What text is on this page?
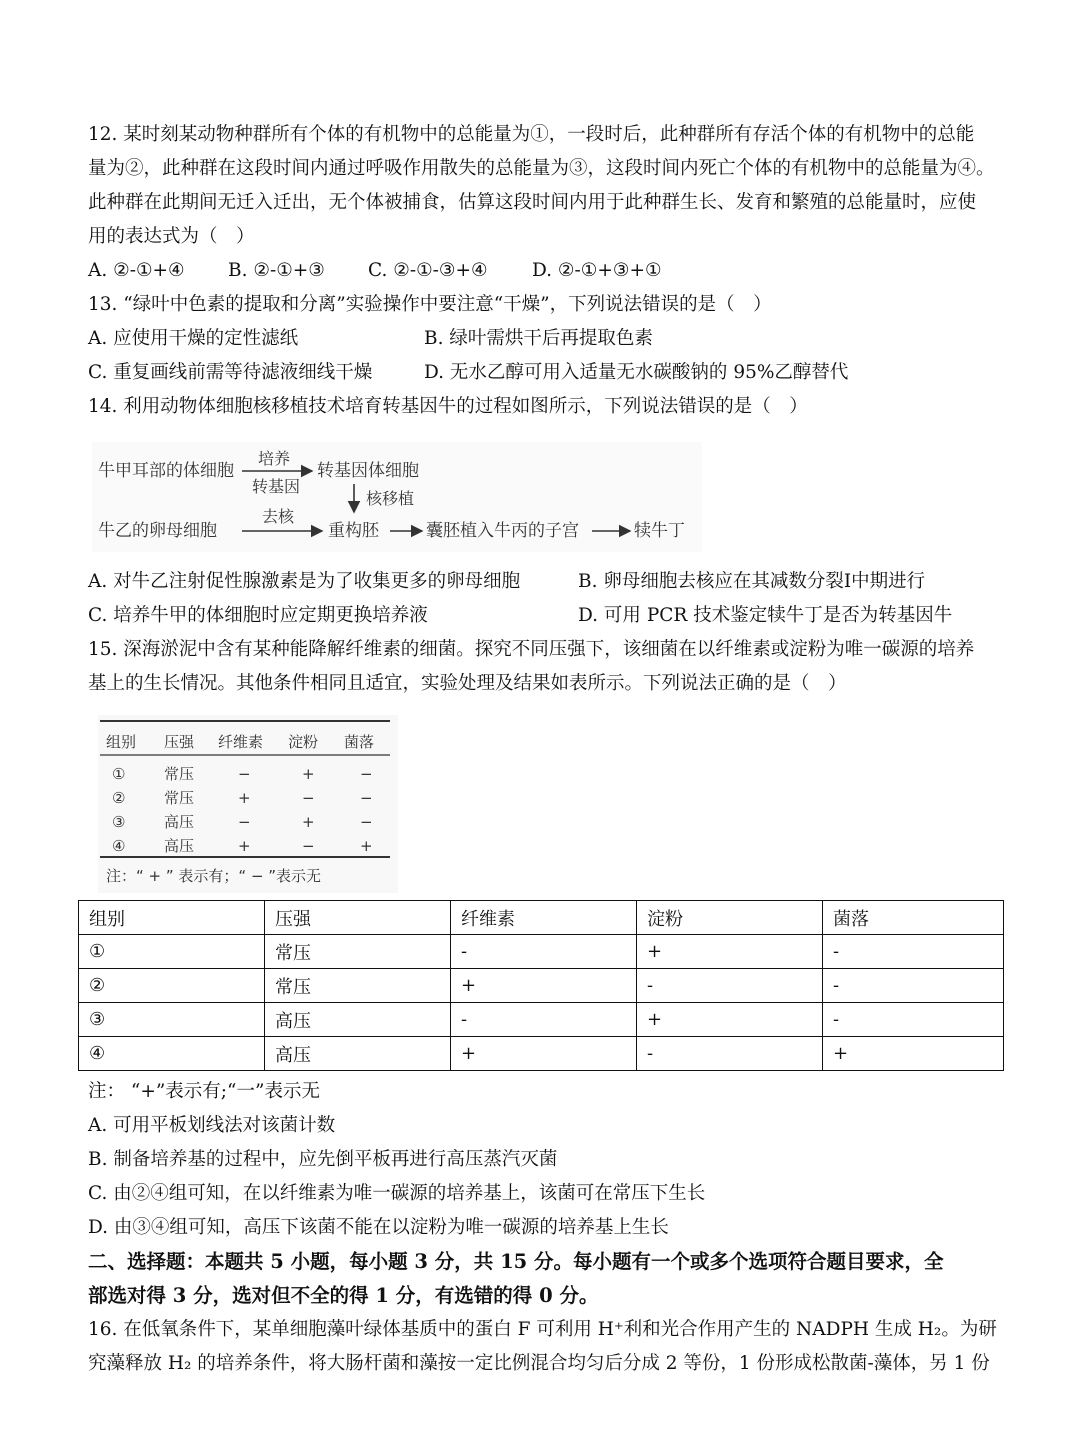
12. 某时刻某动物种群所有个体的有机物中的总能量为①，一段时后，此种群所有存活个体的有机物中的总能
量为②，此种群在这段时间内通过呼吸作用散失的总能量为③，这段时间内死亡个体的有机物中的总能量为④。
此种群在此期间无迁入迁出，无个体被捕食，估算这段时间内用于此种群生长、发育和繁殖的总能量时，应使
用的表达式为（　）
A. ②-①+④ B. ②-①+③ C. ②-①-③+④ D. ②-①+③+①
13. “绿叶中色素的提取和分离”实验操作中要注意“干燥”，下列说法错误的是（　）
A. 应使用干燥的定性滤纸	B. 绿叶需烘干后再提取色素
C. 重复画线前需等待滤液细线干燥	D. 无水乙醇可用入适量无水碳酸钠的 95%乙醇替代
14. 利用动物体细胞核移植技术培育转基因牛的过程如图所示，下列说法错误的是（　）
牛甲耳部的体细胞
培养
转基因
转基因体细胞
核移植
牛乙的卵母细胞
去核
重构胚	囊胚植入牛丙的子宫	犊牛丁
A. 对牛乙注射促性腺激素是为了收集更多的卵母细胞	B. 卵母细胞去核应在其减数分裂Ⅰ中期进行
C. 培养牛甲的体细胞时应定期更换培养液	D. 可用 PCR 技术鉴定犊牛丁是否为转基因牛
15. 深海淤泥中含有某种能降解纤维素的细菌。探究不同压强下，该细菌在以纤维素或淀粉为唯一碳源的培养
基上的生长情况。其他条件相同且适宜，实验处理及结果如表所示。下列说法正确的是（　）
组别 压强 纤维素 淀粉 菌落
①	常压	−	+	−
②	常压	+	−	−
③	高压	−	+	−
④	高压	+	−	+
注：“ + ” 表示有；“ − ”表示无
组别	压强	纤维素	淀粉	菌落
①	常压	-	+	-
②	常压	+	-	-
③	高压	-	+	-
④	高压	+	-	+
注： “+”表示有;“一”表示无
A. 可用平板划线法对该菌计数
B. 制备培养基的过程中，应先倒平板再进行高压蒸汽灭菌
C. 由②④组可知，在以纤维素为唯一碳源的培养基上，该菌可在常压下生长
D. 由③④组可知，高压下该菌不能在以淀粉为唯一碳源的培养基上生长
二、选择题：本题共 5 小题，每小题 3 分，共 15 分。每小题有一个或多个选项符合题目要求，全
部选对得 3 分，选对但不全的得 1 分，有选错的得 0 分。
16. 在低氧条件下，某单细胞藻叶绿体基质中的蛋白 F 可利用 H⁺利和光合作用产生的 NADPH 生成 H₂。为研
究藻释放 H₂ 的培养条件，将大肠杆菌和藻按一定比例混合均匀后分成 2 等份，1 份形成松散菌-藻体，另 1 份
